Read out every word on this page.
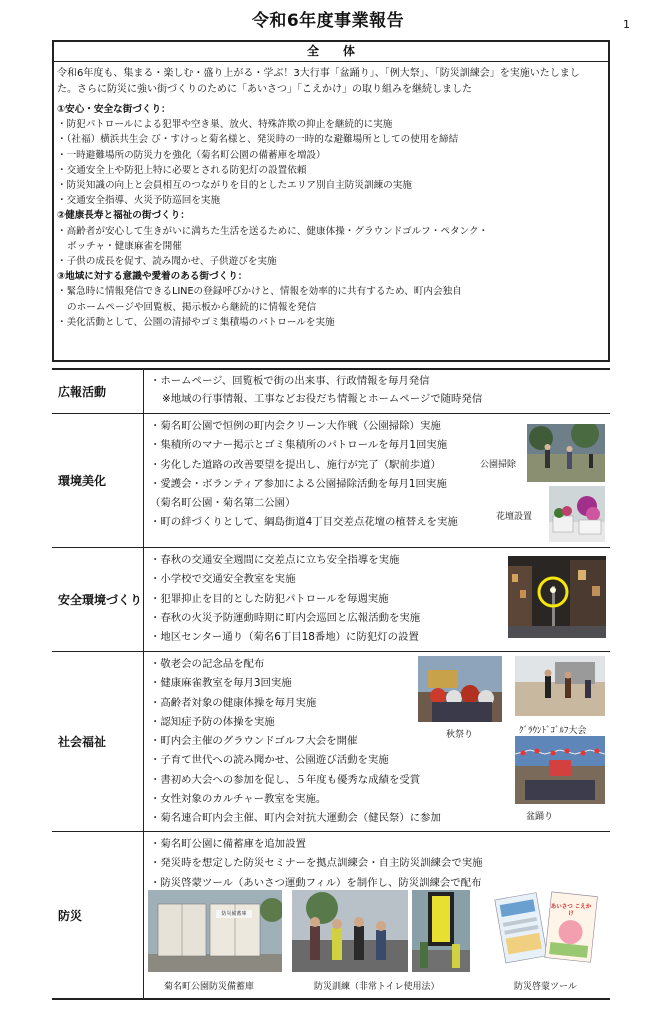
令和6年度事業報告	1
全体
令和6年度も、集まる・楽しむ・盛り上がる・学ぶ！3大行事「盆踊り」、「例大祭」、「防災訓練会」を実施いたしまし
た。さらに防災に強い街づくりのために「あいさつ」「こえかけ」の取り組みを継続しました
①安心・安全な街づくり：
・防犯パトロールによる犯罪や空き巣、放火、特殊詐欺の抑止を継続的に実施
・（社福）横浜共生会 び・すけっと菊名様と、発災時の一時的な避難場所としての使用を締結
・一時避難場所の防災力を強化（菊名町公園の備蓄庫を増設）
・交通安全上や防犯上特に必要とされる防犯灯の設置依頼
・防災知識の向上と会員相互のつながりを目的としたエリア別自主防災訓練の実施
・交通安全指導、火災予防巡回を実施
②健康長寿と福祉の街づくり：
・高齢者が安心して生きがいに満ちた生活を送るために、健康体操・グラウンドゴルフ・ペタンク・
ボッチャ・健康麻雀を開催
・子供の成長を促す、読み聞かせ、子供遊びを実施
③地域に対する意識や愛着のある街づくり：
・緊急時に情報発信できるLINEの登録呼びかけと、情報を効率的に共有するため、町内会独自
のホームページや回覧板、掲示板から継続的に情報を発信
・美化活動として、公園の清掃やゴミ集積場のパトロールを実施
広報活動
・ホームページ、回覧板で街の出来事、行政情報を毎月発信
※地域の行事情報、工事などお役だち情報とホームページで随時発信
環境美化
・菊名町公園で恒例の町内会クリーン大作戦（公園掃除）実施
・集積所のマナー掲示とゴミ集積所のパトロールを毎月1回実施
・劣化した道路の改善要望を提出し、施行が完了（駅前歩道）
・愛護会・ボランティア参加による公園掃除活動を毎月1回実施
（菊名町公園・菊名第二公園）
・町の絆づくりとして、綱島街道4丁目交差点花壇の植替えを実施
公園掃除
花壇設置
安全環境づくり
・春秋の交通安全週間に交差点に立ち安全指導を実施
・小学校で交通安全教室を実施
・犯罪抑止を目的とした防犯パトロールを毎週実施
・春秋の火災予防運動時期に町内会巡回と広報活動を実施
・地区センター通り（菊名6丁目18番地）に防犯灯の設置
社会福祉
・敬老会の記念品を配布
・健康麻雀教室を毎月3回実施
・高齢者対象の健康体操を毎月実施
・認知症予防の体操を実施
・町内会主催のグラウンドゴルフ大会を開催
・子育て世代への読み聞かせ、公園遊び活動を実施
・書初め大会への参加を促し、５年度も優秀な成績を受賞
・女性対象のカルチャー教室を実施。
・菊名連合町内会主催、町内会対抗大運動会（健民祭）に参加
秋祭り	ｸﾞﾗｳﾝﾄﾞｺﾞﾙﾌ大会
盆踊り
防災
・菊名町公園に備蓄庫を追加設置
・発災時を想定した防災セミナーを拠点訓練会・自主防災訓練会で実施
・防災啓蒙ツール（あいさつ運動フィル）を制作し、防災訓練会で配布
防災備蓄庫
菊名町公園防災備蓄庫	防災訓練（非常トイレ使用法）
あいさつ こえかけ
防災啓蒙ツール
